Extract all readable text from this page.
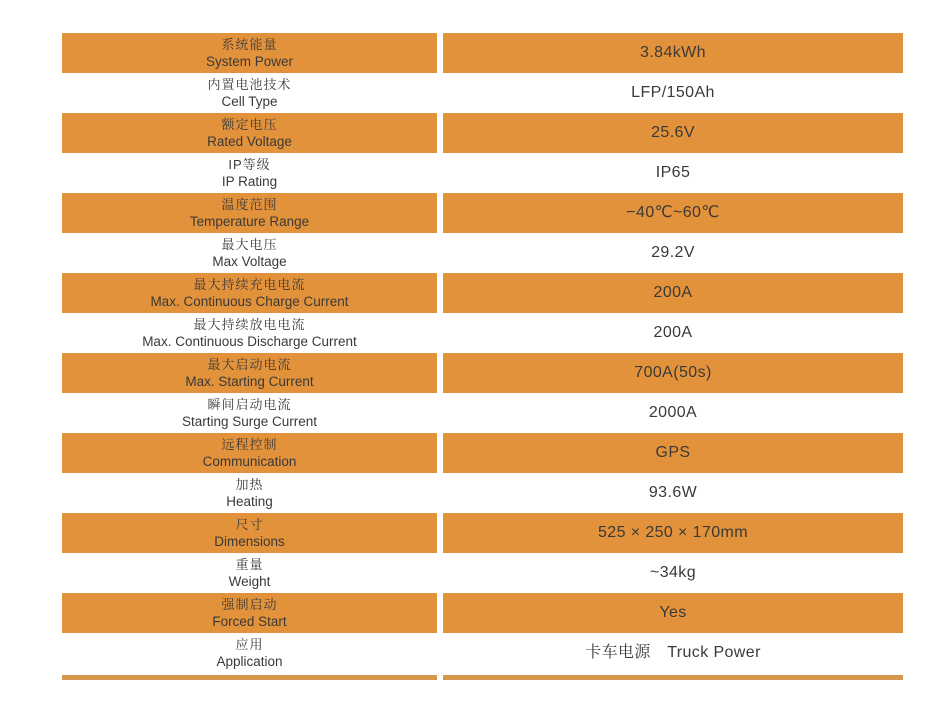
系统能量
System Power
3.84kWh
内置电池技术
Cell Type
LFP/150Ah
额定电压
Rated Voltage
25.6V
IP等级
IP Rating
IP65
温度范围
Temperature Range
−40℃~60℃
最大电压
Max Voltage
29.2V
最大持续充电电流
Max. Continuous Charge Current
200A
最大持续放电电流
Max. Continuous Discharge Current
200A
最大启动电流
Max. Starting Current
700A(50s)
瞬间启动电流
Starting Surge Current
2000A
远程控制
Communication
GPS
加热
Heating
93.6W
尺寸
Dimensions
525 × 250 × 170mm
重量
Weight
~34kg
强制启动
Forced Start
Yes
应用
Application
卡车电源　Truck Power
